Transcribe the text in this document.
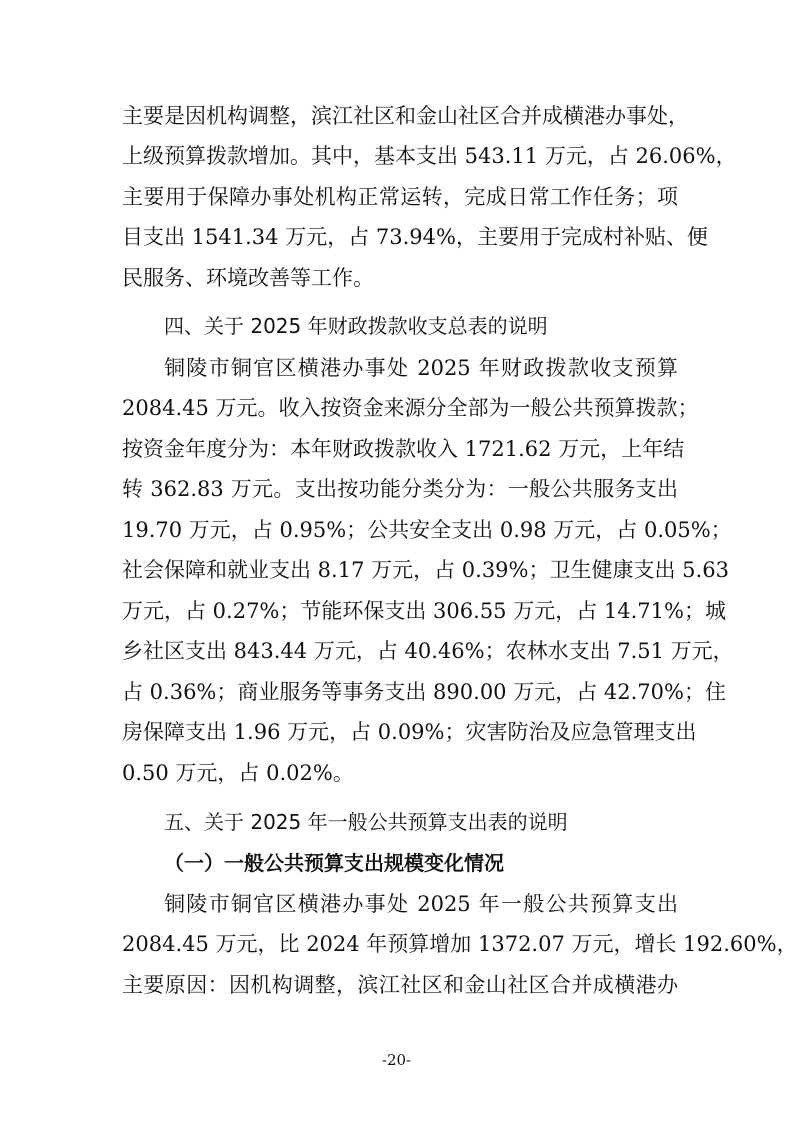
主要是因机构调整，滨江社区和金山社区合并成横港办事处，
上级预算拨款增加。其中，基本支出 543.11 万元，占 26.06%，
主要用于保障办事处机构正常运转，完成日常工作任务；项
目支出 1541.34 万元，占 73.94%，主要用于完成村补贴、便
民服务、环境改善等工作。
四、关于 2025 年财政拨款收支总表的说明
铜陵市铜官区横港办事处 2025 年财政拨款收支预算
2084.45 万元。收入按资金来源分全部为一般公共预算拨款；
按资金年度分为：本年财政拨款收入 1721.62 万元，上年结
转 362.83 万元。支出按功能分类分为：一般公共服务支出
19.70 万元，占 0.95%；公共安全支出 0.98 万元，占 0.05%；
社会保障和就业支出 8.17 万元，占 0.39%；卫生健康支出 5.63
万元，占 0.27%；节能环保支出 306.55 万元，占 14.71%；城
乡社区支出 843.44 万元，占 40.46%；农林水支出 7.51 万元，
占 0.36%；商业服务等事务支出 890.00 万元，占 42.70%；住
房保障支出 1.96 万元，占 0.09%；灾害防治及应急管理支出
0.50 万元，占 0.02%。
五、关于 2025 年一般公共预算支出表的说明
（一）一般公共预算支出规模变化情况
铜陵市铜官区横港办事处 2025 年一般公共预算支出
2084.45 万元，比 2024 年预算增加 1372.07 万元，增长 192.60%，
主要原因：因机构调整，滨江社区和金山社区合并成横港办
-20-
